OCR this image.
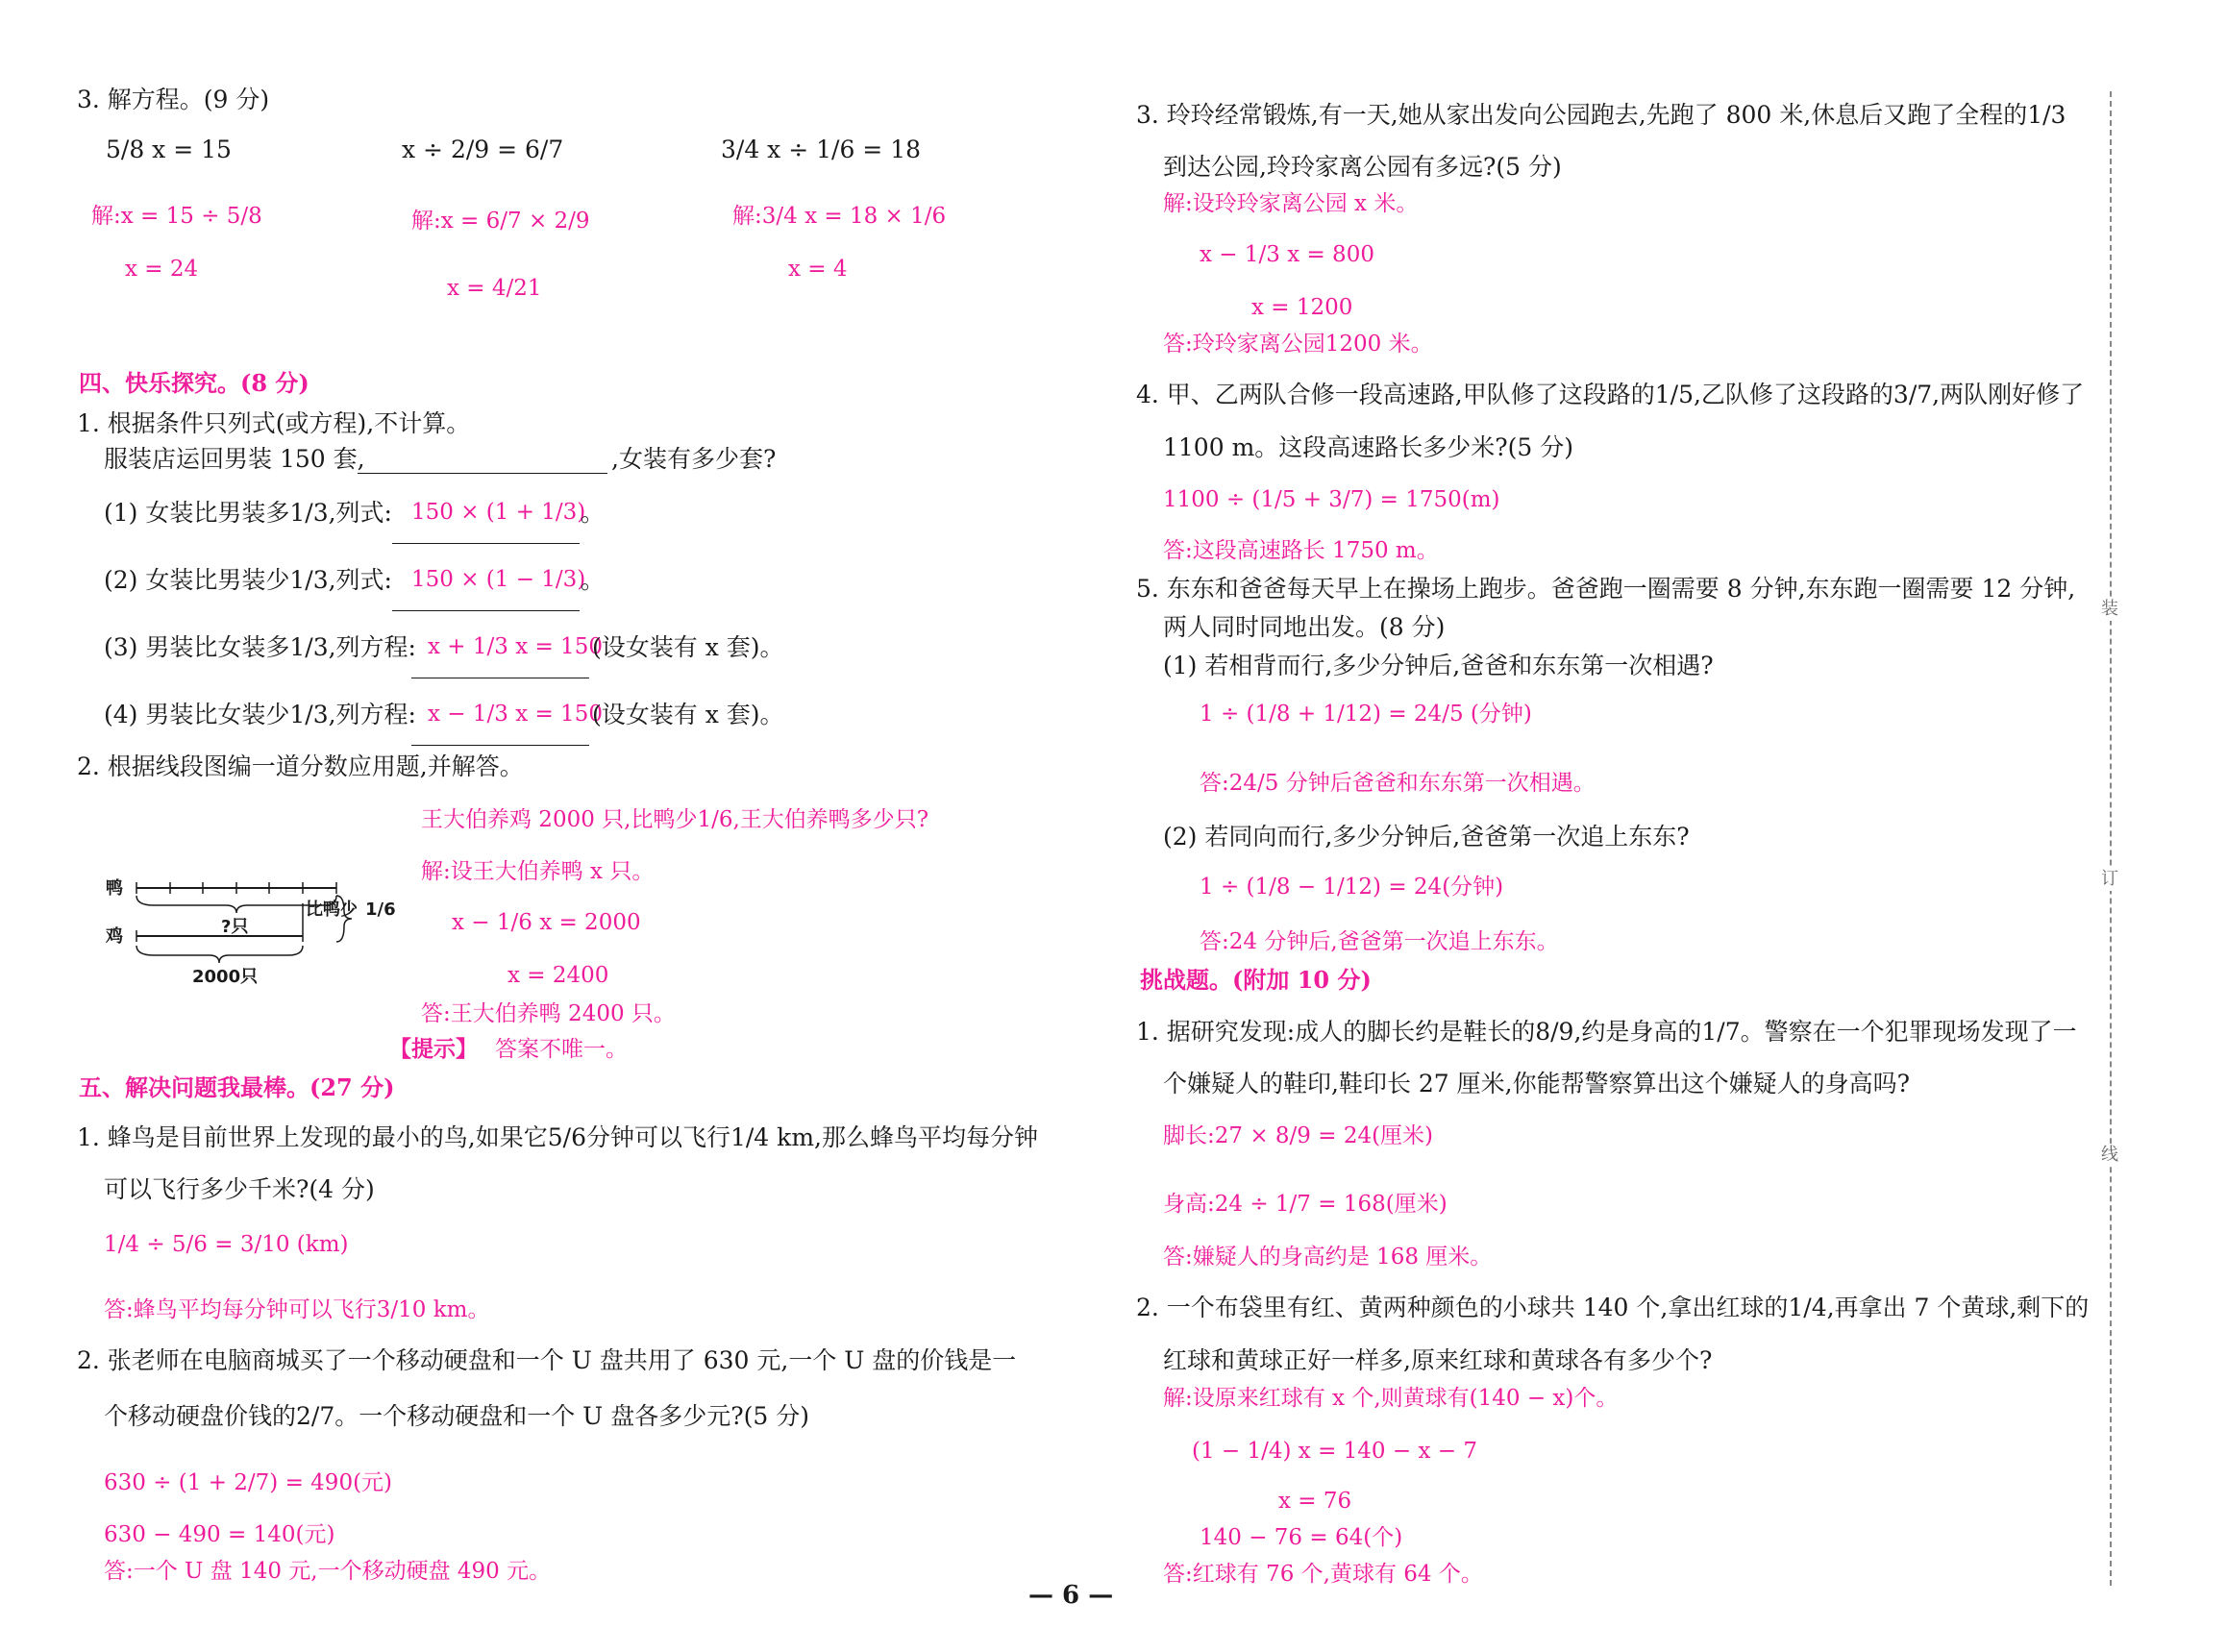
3. 解方程。(9 分)
5/8 x = 15	x ÷ 2/9 = 6/7	3/4 x ÷ 1/6 = 18
解:x = 15 ÷ 5/8
x = 24
解:x = 6/7 × 2/9
x = 4/21
解:3/4 x = 18 × 1/6
x = 4
四、快乐探究。(8 分)
1. 根据条件只列式(或方程),不计算。
服装店运回男装 150 套,	,女装有多少套?
(1) 女装比男装多1/3,列式: 150 × (1 + 1/3)
。
(2) 女装比男装少1/3,列式: 150 × (1 − 1/3)
。
(3) 男装比女装多1/3,列方程: x + 1/3 x = 150
(设女装有 x 套)。
(4) 男装比女装少1/3,列方程: x − 1/3 x = 150
(设女装有 x 套)。
2. 根据线段图编一道分数应用题,并解答。
王大伯养鸡 2000 只,比鸭少1/6,王大伯养鸭多少只?
解:设王大伯养鸭 x 只。
x − 1/6 x = 2000
x = 2400
答:王大伯养鸭 2400 只。
【提示】 答案不唯一。
鸭
?只
鸡
比鸭少 1/6
2000只
五、解决问题我最棒。(27 分)
1. 蜂鸟是目前世界上发现的最小的鸟,如果它5/6分钟可以飞行1/4 km,那么蜂鸟平均每分钟
可以飞行多少千米?(4 分)
1/4 ÷ 5/6 = 3/10 (km)
答:蜂鸟平均每分钟可以飞行3/10 km。
2. 张老师在电脑商城买了一个移动硬盘和一个 U 盘共用了 630 元,一个 U 盘的价钱是一
个移动硬盘价钱的2/7。一个移动硬盘和一个 U 盘各多少元?(5 分)
630 ÷ (1 + 2/7) = 490(元)
630 − 490 = 140(元)
答:一个 U 盘 140 元,一个移动硬盘 490 元。
3. 玲玲经常锻炼,有一天,她从家出发向公园跑去,先跑了 800 米,休息后又跑了全程的1/3
到达公园,玲玲家离公园有多远?(5 分)
解:设玲玲家离公园 x 米。
x − 1/3 x = 800
x = 1200
答:玲玲家离公园1200 米。
4. 甲、乙两队合修一段高速路,甲队修了这段路的1/5,乙队修了这段路的3/7,两队刚好修了
1100 m。这段高速路长多少米?(5 分)
1100 ÷ (1/5 + 3/7) = 1750(m)
答:这段高速路长 1750 m。
5. 东东和爸爸每天早上在操场上跑步。爸爸跑一圈需要 8 分钟,东东跑一圈需要 12 分钟,
两人同时同地出发。(8 分)
(1) 若相背而行,多少分钟后,爸爸和东东第一次相遇?
1 ÷ (1/8 + 1/12) = 24/5 (分钟)
答:24/5 分钟后爸爸和东东第一次相遇。
(2) 若同向而行,多少分钟后,爸爸第一次追上东东?
1 ÷ (1/8 − 1/12) = 24(分钟)
答:24 分钟后,爸爸第一次追上东东。
挑战题。(附加 10 分)
1. 据研究发现:成人的脚长约是鞋长的8/9,约是身高的1/7。警察在一个犯罪现场发现了一
个嫌疑人的鞋印,鞋印长 27 厘米,你能帮警察算出这个嫌疑人的身高吗?
脚长:27 × 8/9 = 24(厘米)
身高:24 ÷ 1/7 = 168(厘米)
答:嫌疑人的身高约是 168 厘米。
2. 一个布袋里有红、黄两种颜色的小球共 140 个,拿出红球的1/4,再拿出 7 个黄球,剩下的
红球和黄球正好一样多,原来红球和黄球各有多少个?
解:设原来红球有 x 个,则黄球有(140 − x)个。
(1 − 1/4) x = 140 − x − 7
x = 76
140 − 76 = 64(个)
答:红球有 76 个,黄球有 64 个。
装
订
线
— 6 —
